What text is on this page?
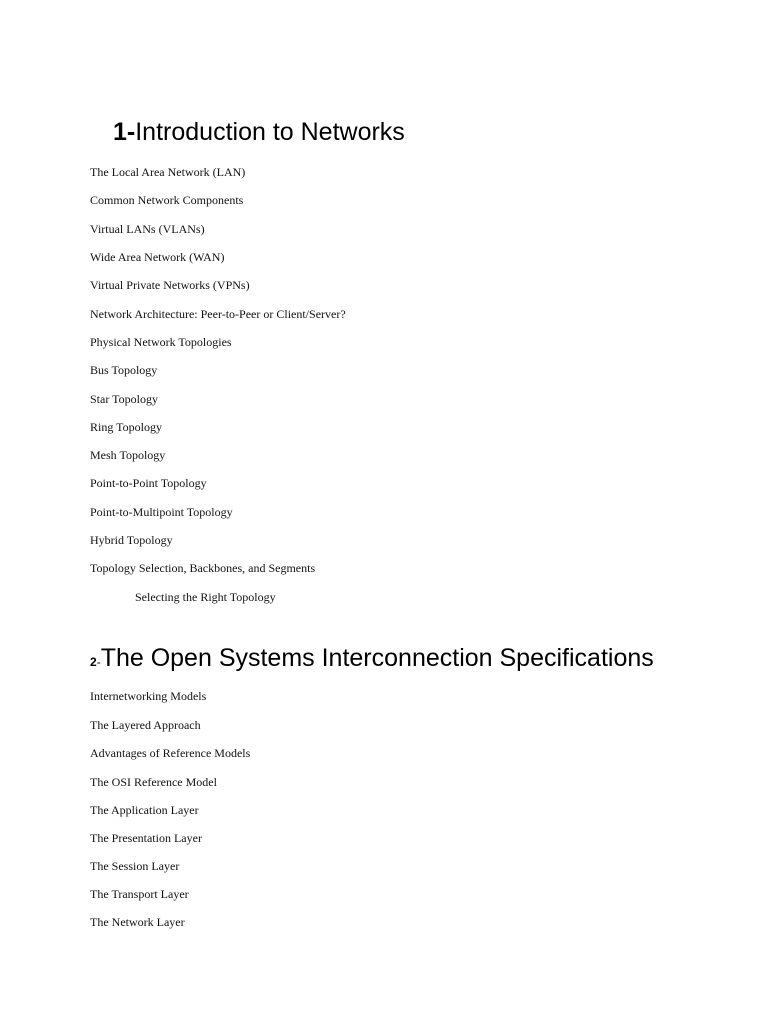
1-Introduction to Networks
The Local Area Network (LAN)
Common Network Components
Virtual LANs (VLANs)
Wide Area Network (WAN)
Virtual Private Networks (VPNs)
Network Architecture: Peer-to-Peer or Client/Server?
Physical Network Topologies
Bus Topology
Star Topology
Ring Topology
Mesh Topology
Point-to-Point Topology
Point-to-Multipoint Topology
Hybrid Topology
Topology Selection, Backbones, and Segments
Selecting the Right Topology
2-The Open Systems Interconnection Specifications
Internetworking Models
The Layered Approach
Advantages of Reference Models
The OSI Reference Model
The Application Layer
The Presentation Layer
The Session Layer
The Transport Layer
The Network Layer
